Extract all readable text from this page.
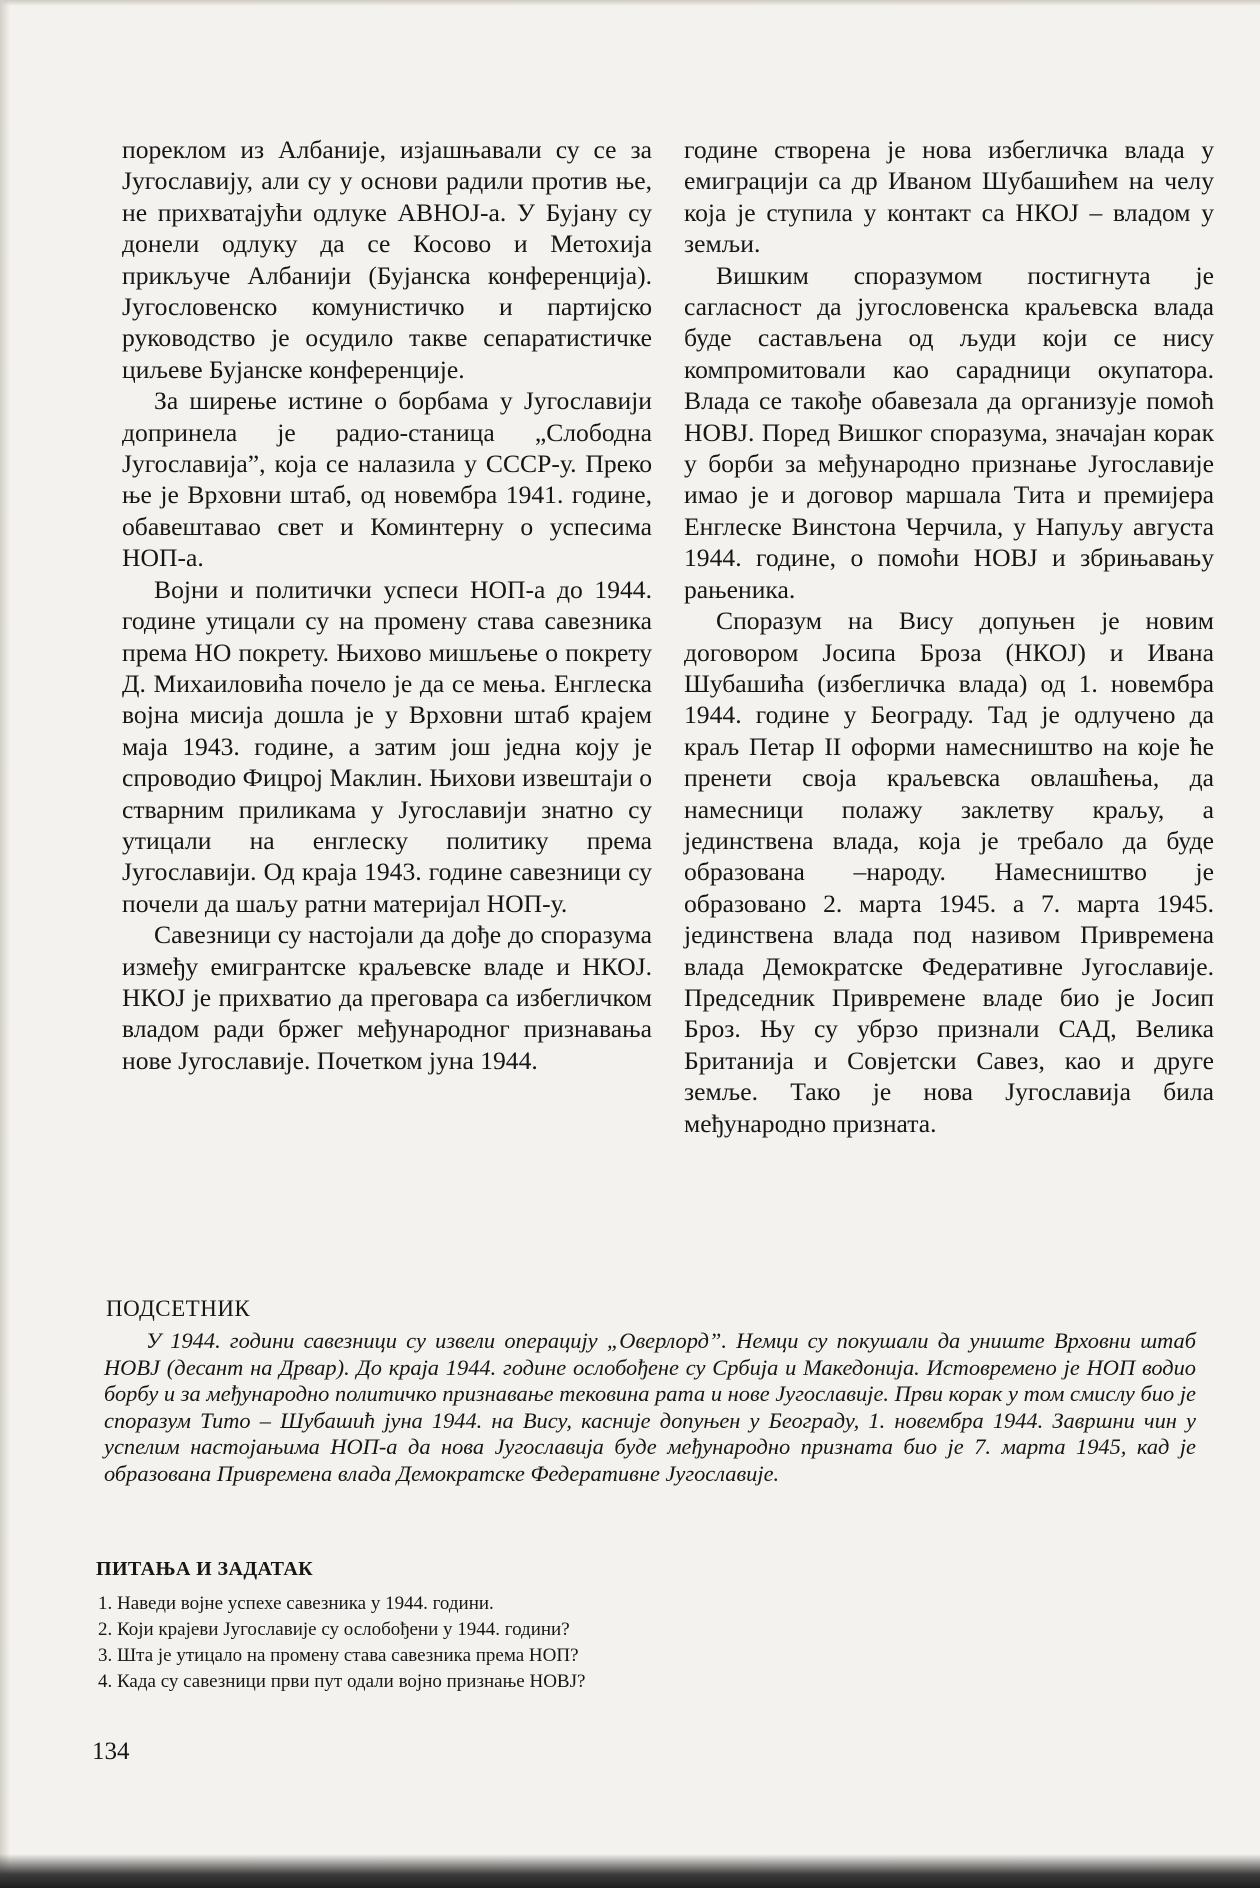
пореклом из Албаније, изјашњавали су се за Југославију, али су у основи радили против ње, не прихватајући одлуке АВНОЈ-а. У Бујану су донели одлуку да се Косово и Метохија прикључе Албанији (Бујанска конференција). Југословенско комунистичко и партијско руководство је осудило такве сепаратистичке циљеве Бујанске конференције.

За ширење истине о борбама у Југославији допринела је радио-станица „Слободна Југославија”, која се налазила у СССР-у. Преко ње је Врховни штаб, од новембра 1941. године, обавештавао свет и Коминтерну о успесима НОП-а.

Војни и политички успеси НОП-а до 1944. године утицали су на промену става савезника према НО покрету. Њихово мишљење о покрету Д. Михаиловића почело је да се мења. Енглеска војна мисија дошла је у Врховни штаб крајем маја 1943. године, а затим још једна коју је спроводио Фицрој Маклин. Њихови извештаји о стварним приликама у Југославији знатно су утицали на енглеску политику према Југославији. Од краја 1943. године савезници су почели да шаљу ратни материјал НОП-у.

Савезници су настојали да дође до споразума између емигрантске краљевске владе и НКОЈ. НКОЈ је прихватио да преговара са избегличком владом ради бржег међународног признавања нове Југославије. Почетком јуна 1944.

године створена је нова избегличка влада у емиграцији са др Иваном Шубашићем на челу која је ступила у контакт са НКОЈ – владом у земљи.

Вишким споразумом постигнута је сагласност да југословенска краљевска влада буде састављена од људи који се нису компромитовали као сарадници окупатора. Влада се такође обавезала да организује помоћ НОВЈ. Поред Вишког споразума, значајан корак у борби за међународно признање Југославије имао је и договор маршала Тита и премијера Енглеске Винстона Черчила, у Напуљу августа 1944. године, о помоћи НОВЈ и збрињавању рањеника.

Споразум на Вису допуњен је новим договором Јосипа Броза (НКОЈ) и Ивана Шубашића (избегличка влада) од 1. новембра 1944. године у Београду. Тад је одлучено да краљ Петар II оформи намесништво на које ће пренети своја краљевска овлашћења, да намесници полажу заклетву краљу, а јединствена влада, која је требало да буде образована –народу. Намесништво је образовано 2. марта 1945. а 7. марта 1945. јединствена влада под називом Привремена влада Демократске Федеративне Југославије. Председник Привремене владе био је Јосип Броз. Њу су убрзо признали САД, Велика Британија и Совјетски Савез, као и друге земље. Тако је нова Југославија била међународно призната.

ПОДСЕТНИК

У 1944. години савезници су извели операцију „Оверлорд”. Немци су покушали да униште Врховни штаб НОВЈ (десант на Дрвар). До краја 1944. године ослобођене су Србија и Македонија. Истовремено је НОП водио борбу и за међународно политичко признавање тековина рата и нове Југославије. Први корак у том смислу био је споразум Тито – Шубашић јуна 1944. на Вису, касније допуњен у Београду, 1. новембра 1944. Завршни чин у успелим настојањима НОП-а да нова Југославија буде међународно призната био је 7. марта 1945, кад је образована Привремена влада Демократске Федеративне Југославије.

ПИТАЊА И ЗАДАТАК
1. Наведи војне успехе савезника у 1944. години.
2. Који крајеви Југославије су ослобођени у 1944. години?
3. Шта је утицало на промену става савезника према НОП?
4. Када су савезници први пут одали војно признање НОВЈ?
134
